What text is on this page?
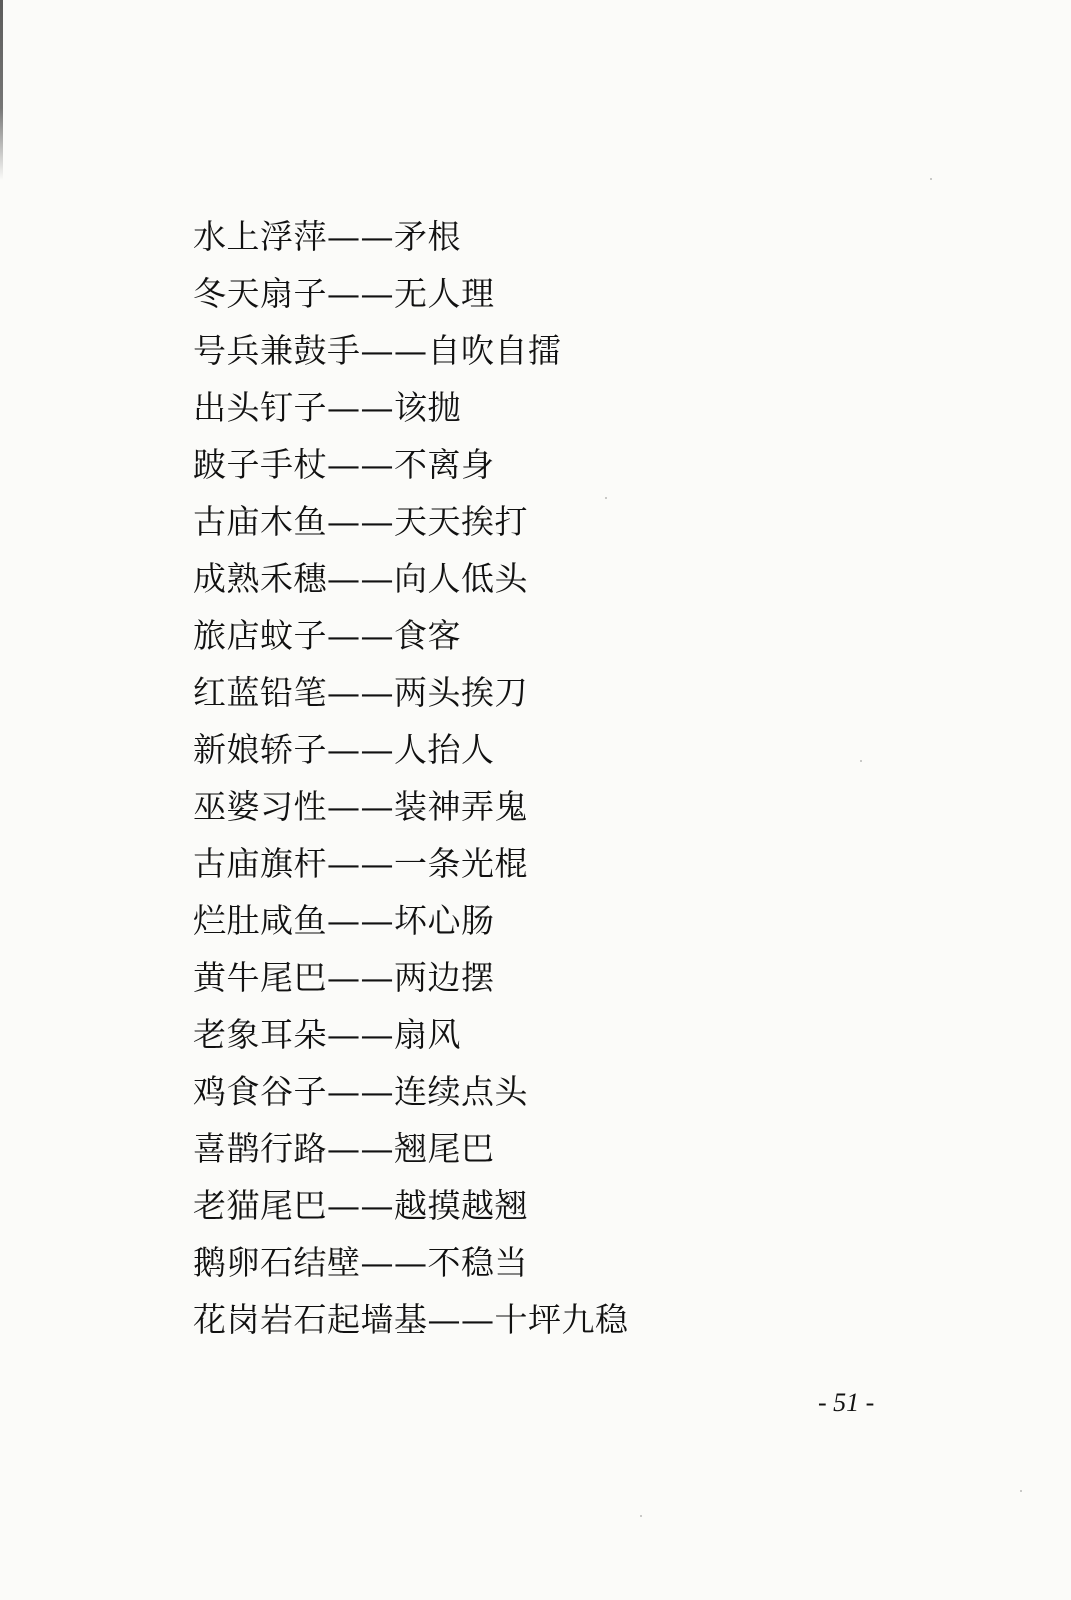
水上浮萍——矛根
冬天扇子——无人理
号兵兼鼓手——自吹自擂
出头钉子——该抛
跛子手杖——不离身
古庙木鱼——天天挨打
成熟禾穗——向人低头
旅店蚊子——食客
红蓝铅笔——两头挨刀
新娘轿子——人抬人
巫婆习性——装神弄鬼
古庙旗杆——一条光棍
烂肚咸鱼——坏心肠
黄牛尾巴——两边摆
老象耳朵——扇风
鸡食谷子——连续点头
喜鹊行路——翘尾巴
老猫尾巴——越摸越翘
鹅卵石结壁——不稳当
花岗岩石起墙基——十坪九稳
- 51 -
